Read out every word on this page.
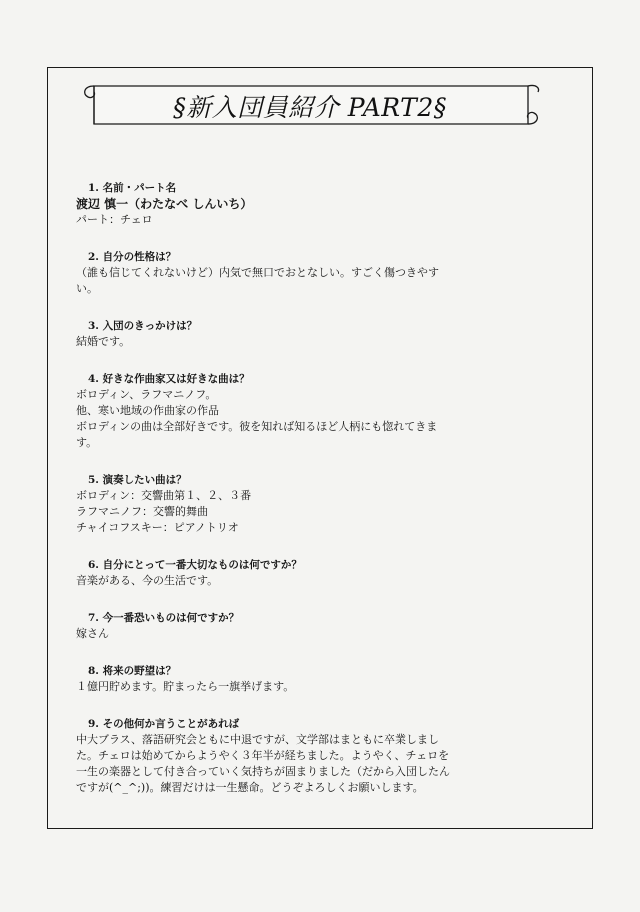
§新入団員紹介 PART2§

1. 名前・パート名

渡辺 慎一（わたなべ しんいち）

パート：チェロ

2. 自分の性格は？

（誰も信じてくれないけど）内気で無口でおとなしい。すごく傷つきやす

い。

3. 入団のきっかけは？

結婚です。

4. 好きな作曲家又は好きな曲は？

ボロディン、ラフマニノフ。

他、寒い地域の作曲家の作品

ボロディンの曲は全部好きです。彼を知れば知るほど人柄にも惚れてきま

す。

5. 演奏したい曲は？

ボロディン：交響曲第１、２、３番

ラフマニノフ：交響的舞曲

チャイコフスキー：ピアノトリオ

6. 自分にとって一番大切なものは何ですか？

音楽がある、今の生活です。

7. 今一番恐いものは何ですか？

嫁さん

8. 将来の野望は？

１億円貯めます。貯まったら一旗挙げます。

9. その他何か言うことがあれば

中大ブラス、落語研究会ともに中退ですが、文学部はまともに卒業しまし

た。チェロは始めてからようやく３年半が経ちました。ようやく、チェロを

一生の楽器として付き合っていく気持ちが固まりました（だから入団したん

ですが(^_^;))。練習だけは一生懸命。どうぞよろしくお願いします。
